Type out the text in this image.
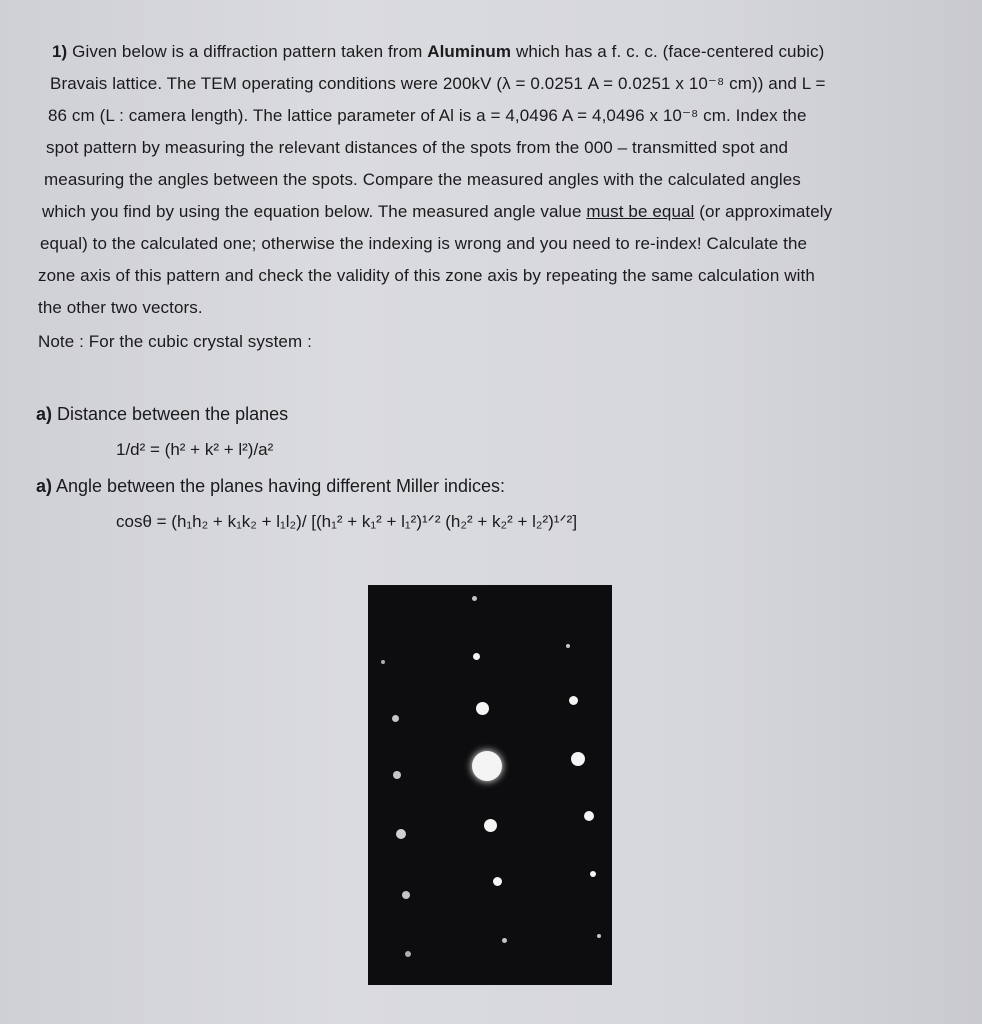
1) Given below is a diffraction pattern taken from Aluminum which has a f. c. c. (face-centered cubic)
Bravais lattice. The TEM operating conditions were 200kV (λ = 0.0251 A = 0.0251 x 10⁻⁸ cm)) and L =
86 cm (L : camera length). The lattice parameter of Al is a = 4,0496 A = 4,0496 x 10⁻⁸ cm. Index the
spot pattern by measuring the relevant distances of the spots from the 000 – transmitted spot and
measuring the angles between the spots. Compare the measured angles with the calculated angles
which you find by using the equation below. The measured angle value must be equal (or approximately
equal) to the calculated one; otherwise the indexing is wrong and you need to re-index! Calculate the
zone axis of this pattern and check the validity of this zone axis by repeating the same calculation with
the other two vectors.
Note : For the cubic crystal system :
a) Distance between the planes
1/d² = (h² + k² + l²)/a²
a) Angle between the planes having different Miller indices:
cosθ = (h₁h₂ + k₁k₂ + l₁l₂)/ [(h₁² + k₁² + l₁²)¹ᐟ² (h₂² + k₂² + l₂²)¹ᐟ²]
